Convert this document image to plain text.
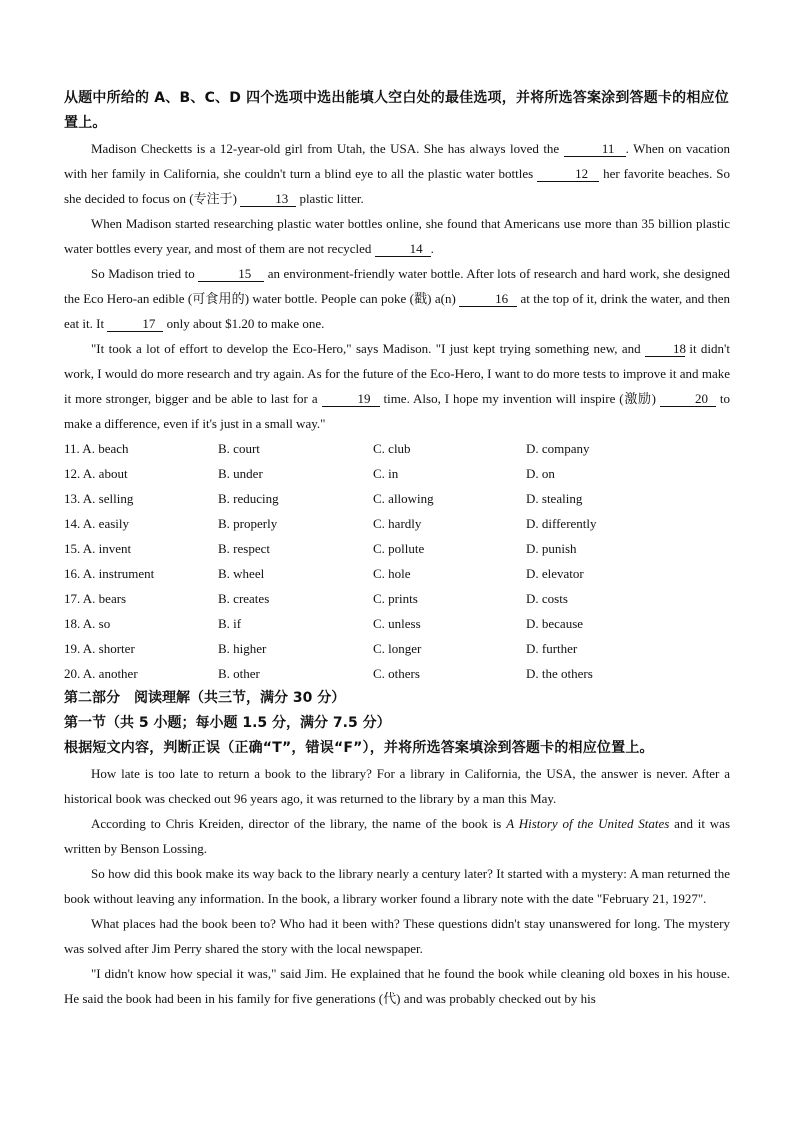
从题中所给的 A、B、C、D 四个选项中选出能填人空白处的最佳选项，并将所选答案涂到答题卡的相应位置上。

Madison Checketts is a 12-year-old girl from Utah, the USA. She has always loved the	11 . When on vacation with her family in California, she couldn't turn a blind eye to all the plastic water bottles	12 her favorite beaches. So she decided to focus on (专注于)	13 plastic litter.

When Madison started researching plastic water bottles online, she found that Americans use more than 35 billion plastic water bottles every year, and most of them are not recycled	14 .

So Madison tried to	15 an environment-friendly water bottle. After lots of research and hard work, she designed the Eco Hero-an edible (可食用的) water bottle. People can poke (戳) a(n)	16 at the top of it, drink the water, and then eat it. It	17 only about $1.20 to make one.

"It took a lot of effort to develop the Eco-Hero," says Madison. "I just kept trying something new, and 18 it didn't work, I would do more research and try again. As for the future of the Eco-Hero, I want to do more tests to improve it and make it more stronger, bigger and be able to last for a	19 time. Also, I hope my invention will inspire (激励)	20 to make a difference, even if it's just in a small way."

11. A. beach	B. court	C. club	D. company
12. A. about	B. under	C. in	D. on
13. A. selling	B. reducing	C. allowing	D. stealing
14. A. easily	B. properly	C. hardly	D. differently
15. A. invent	B. respect	C. pollute	D. punish
16. A. instrument	B. wheel	C. hole	D. elevator
17. A. bears	B. creates	C. prints	D. costs
18. A. so	B. if	C. unless	D. because
19. A. shorter	B. higher	C. longer	D. further
20. A. another	B. other	C. others	D. the others

第二部分　阅读理解（共三节，满分 30 分）

第一节（共 5 小题；每小题 1.5 分，满分 7.5 分）

根据短文内容，判断正误（正确“T”，错误“F”），并将所选答案填涂到答题卡的相应位置上。

How late is too late to return a book to the library? For a library in California, the USA, the answer is never. After a historical book was checked out 96 years ago, it was returned to the library by a man this May.

According to Chris Kreiden, director of the library, the name of the book is A History of the United States and it was written by Benson Lossing.

So how did this book make its way back to the library nearly a century later? It started with a mystery: A man returned the book without leaving any information. In the book, a library worker found a library note with the date "February 21, 1927".

What places had the book been to? Who had it been with? These questions didn't stay unanswered for long. The mystery was solved after Jim Perry shared the story with the local newspaper.

"I didn't know how special it was," said Jim. He explained that he found the book while cleaning old boxes in his house. He said the book had been in his family for five generations (代) and was probably checked out by his
